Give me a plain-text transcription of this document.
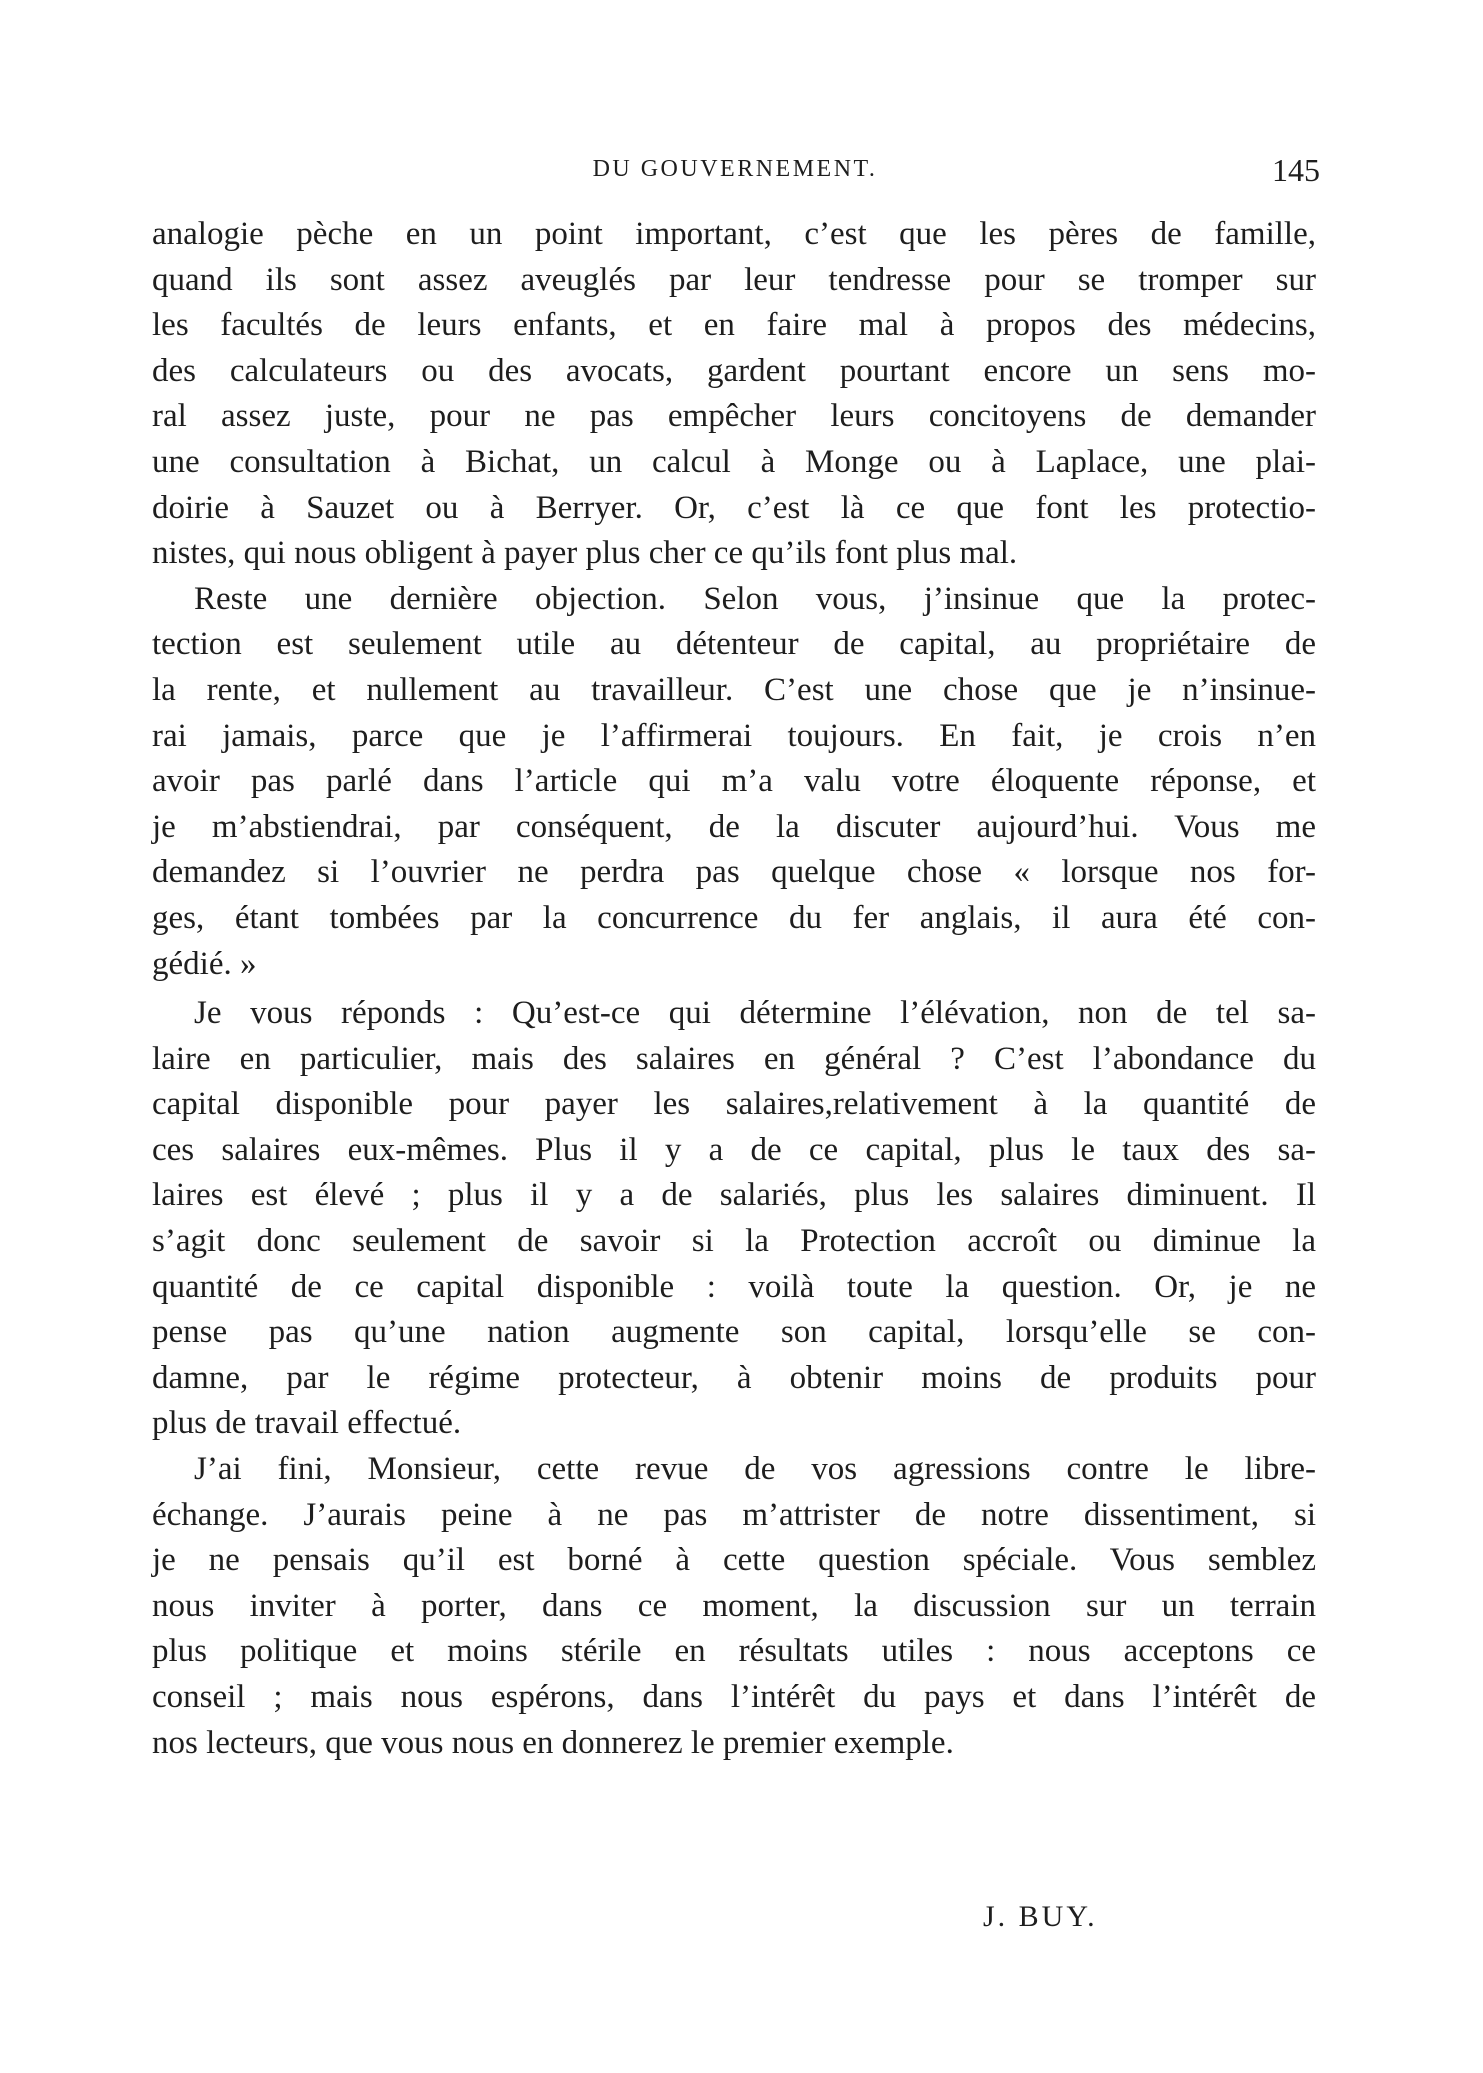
DU GOUVERNEMENT.	145
analogie pèche en un point important, c’est que les pères de famille,
quand ils sont assez aveuglés par leur tendresse pour se tromper sur
les facultés de leurs enfants, et en faire mal à propos des médecins,
des calculateurs ou des avocats, gardent pourtant encore un sens mo-
ral assez juste, pour ne pas empêcher leurs concitoyens de demander
une consultation à Bichat, un calcul à Monge ou à Laplace, une plai-
doirie à Sauzet ou à Berryer. Or, c’est là ce que font les protectio-
nistes, qui nous obligent à payer plus cher ce qu’ils font plus mal.
Reste une dernière objection. Selon vous, j’insinue que la protec-
tection est seulement utile au détenteur de capital, au propriétaire de
la rente, et nullement au travailleur. C’est une chose que je n’insinue-
rai jamais, parce que je l’affirmerai toujours. En fait, je crois n’en
avoir pas parlé dans l’article qui m’a valu votre éloquente réponse, et
je m’abstiendrai, par conséquent, de la discuter aujourd’hui. Vous me
demandez si l’ouvrier ne perdra pas quelque chose « lorsque nos for-
ges, étant tombées par la concurrence du fer anglais, il aura été con-
gédié. »
Je vous réponds : Qu’est-ce qui détermine l’élévation, non de tel sa-
laire en particulier, mais des salaires en général ? C’est l’abondance du
capital disponible pour payer les salaires,relativement à la quantité de
ces salaires eux-mêmes. Plus il y a de ce capital, plus le taux des sa-
laires est élevé ; plus il y a de salariés, plus les salaires diminuent. Il
s’agit donc seulement de savoir si la Protection accroît ou diminue la
quantité de ce capital disponible : voilà toute la question. Or, je ne
pense pas qu’une nation augmente son capital, lorsqu’elle se con-
damne, par le régime protecteur, à obtenir moins de produits pour
plus de travail effectué.
J’ai fini, Monsieur, cette revue de vos agressions contre le libre-
échange. J’aurais peine à ne pas m’attrister de notre dissentiment, si
je ne pensais qu’il est borné à cette question spéciale. Vous semblez
nous inviter à porter, dans ce moment, la discussion sur un terrain
plus politique et moins stérile en résultats utiles : nous acceptons ce
conseil ; mais nous espérons, dans l’intérêt du pays et dans l’intérêt de
nos lecteurs, que vous nous en donnerez le premier exemple.
J. BUY.
